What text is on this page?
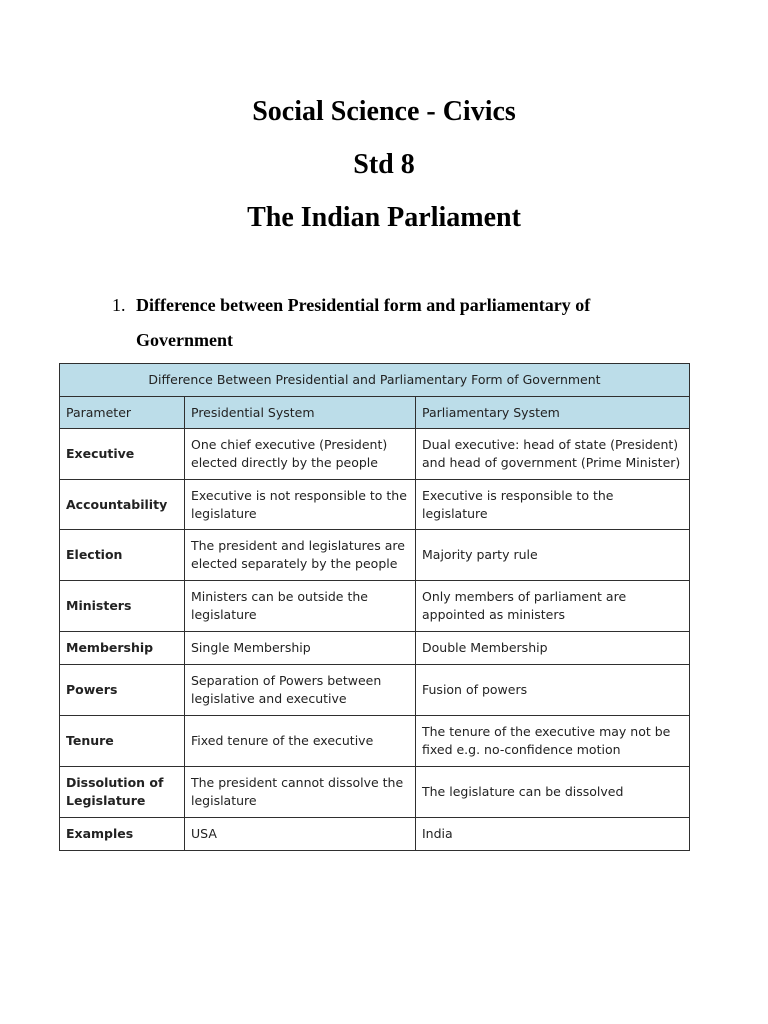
Social Science - Civics
Std 8
The Indian Parliament
1. Difference between Presidential form and parliamentary of Government
Difference Between Presidential and Parliamentary Form of Government		
Parameter	Presidential System	Parliamentary System
Executive	One chief executive (President) elected directly by the people	Dual executive: head of state (President) and head of government (Prime Minister)
Accountability	Executive is not responsible to the legislature	Executive is responsible to the legislature
Election	The president and legislatures are elected separately by the people	Majority party rule
Ministers	Ministers can be outside the legislature	Only members of parliament are appointed as ministers
Membership	Single Membership	Double Membership
Powers	Separation of Powers between legislative and executive	Fusion of powers
Tenure	Fixed tenure of the executive	The tenure of the executive may not be fixed e.g. no-confidence motion
Dissolution of Legislature	The president cannot dissolve the legislature	The legislature can be dissolved
Examples	USA	India
